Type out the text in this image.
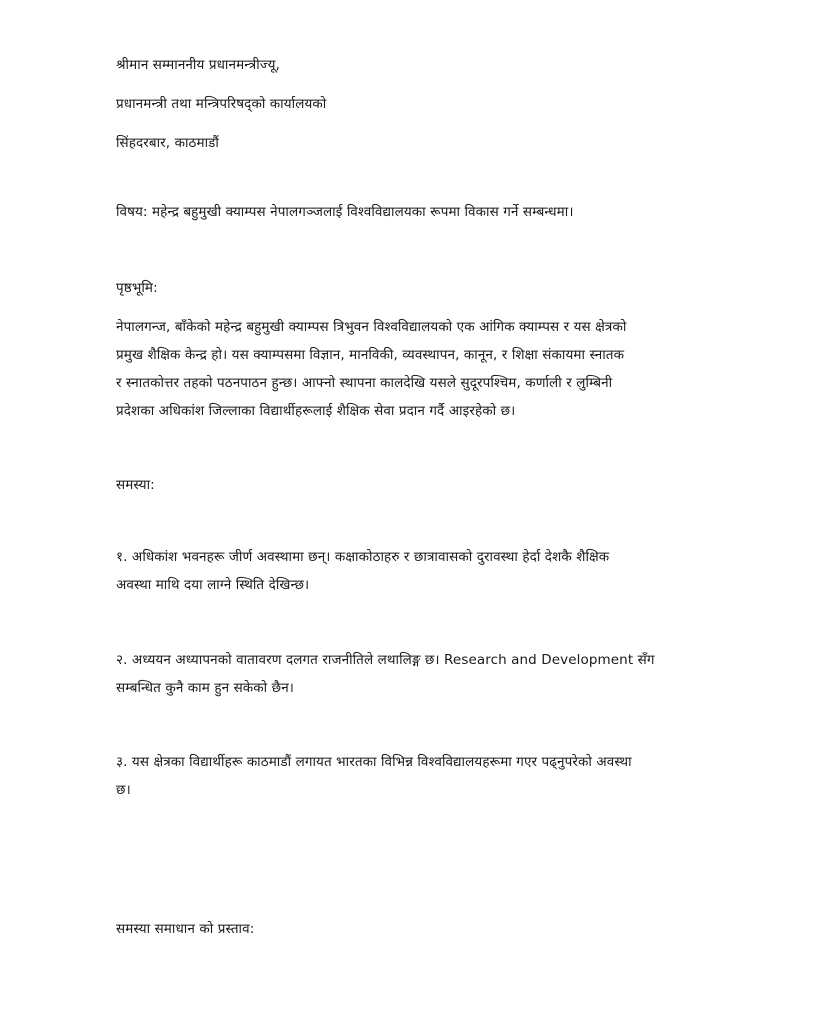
श्रीमान सम्माननीय प्रधानमन्त्रीज्यू,

प्रधानमन्त्री तथा मन्त्रिपरिषद्को कार्यालयको

सिंहदरबार, काठमाडौं

विषय: महेन्द्र बहुमुखी क्याम्पस नेपालगञ्जलाई विश्वविद्यालयका रूपमा विकास गर्ने सम्बन्धमा।

पृष्ठभूमि:

नेपालगन्ज, बाँकेको महेन्द्र बहुमुखी क्याम्पस त्रिभुवन विश्वविद्यालयको एक आंगिक क्याम्पस र यस क्षेत्रको
प्रमुख शैक्षिक केन्द्र हो। यस क्याम्पसमा विज्ञान, मानविकी, व्यवस्थापन, कानून, र शिक्षा संकायमा स्नातक
र स्नातकोत्तर तहको पठनपाठन हुन्छ। आफ्नो स्थापना कालदेखि यसले सुदूरपश्चिम, कर्णाली र लुम्बिनी
प्रदेशका अधिकांश जिल्लाका विद्यार्थीहरूलाई शैक्षिक सेवा प्रदान गर्दै आइरहेको छ।

समस्या:

१. अधिकांश भवनहरू जीर्ण अवस्थामा छन्। कक्षाकोठाहरु र छात्रावासको दुरावस्था हेर्दा देशकै शैक्षिक
अवस्था माथि दया लाग्ने स्थिति देखिन्छ।

२. अध्ययन अध्यापनको वातावरण दलगत राजनीतिले लथालिङ्ग छ। Research and Development सँग
सम्बन्धित कुनै काम हुन सकेको छैन।

३. यस क्षेत्रका विद्यार्थीहरू काठमाडौं लगायत भारतका विभिन्न विश्वविद्यालयहरूमा गएर पढ्नुपरेको अवस्था
छ।

समस्या समाधान को प्रस्ताव:
